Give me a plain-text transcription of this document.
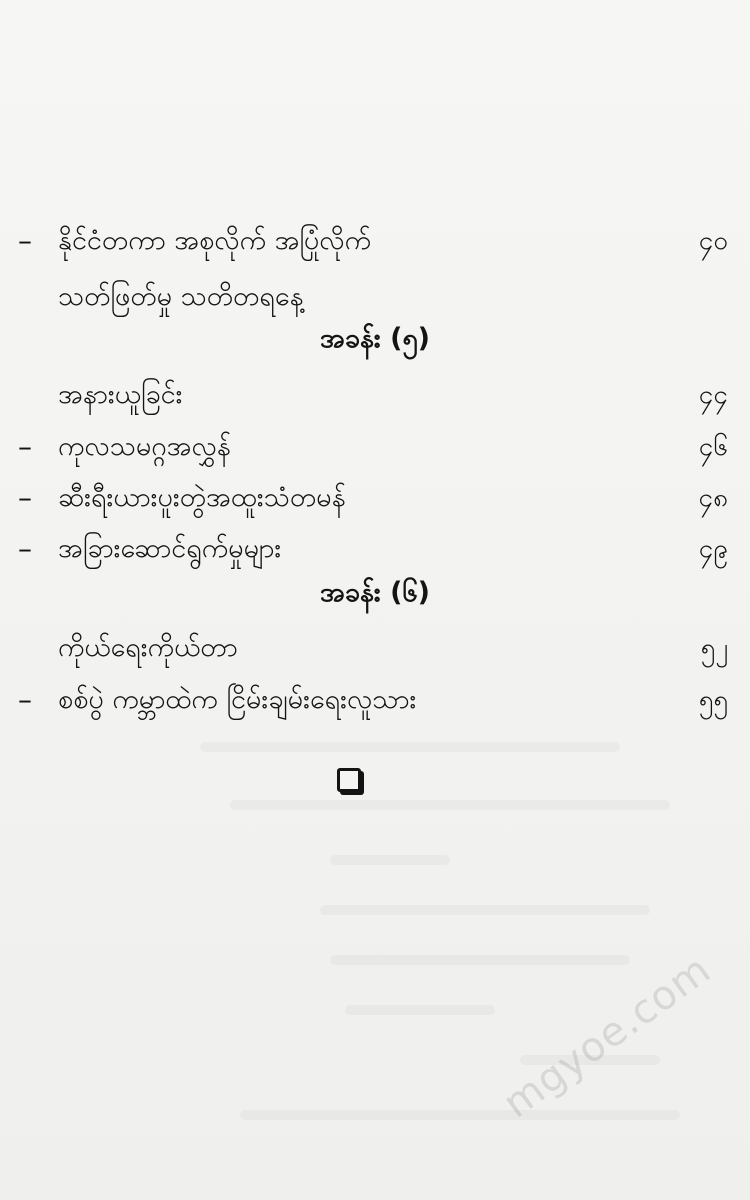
– နိုင်ငံတကာ အစုလိုက် အပြုံလိုက်	၄၀
သတ်ဖြတ်မှု သတိတရနေ့
အခန်း (၅)
အနားယူခြင်း	၄၄
– ကုလသမဂ္ဂအလွှန်	၄၆
– ဆီးရီးယားပူးတွဲအထူးသံတမန်	၄၈
– အခြားဆောင်ရွက်မှုများ	၄၉
အခန်း (၆)
ကိုယ်ရေးကိုယ်တာ	၅၂
– စစ်ပွဲ ကမ္ဘာထဲက ငြိမ်းချမ်းရေးလူသား	၅၅
mgyoe.com
